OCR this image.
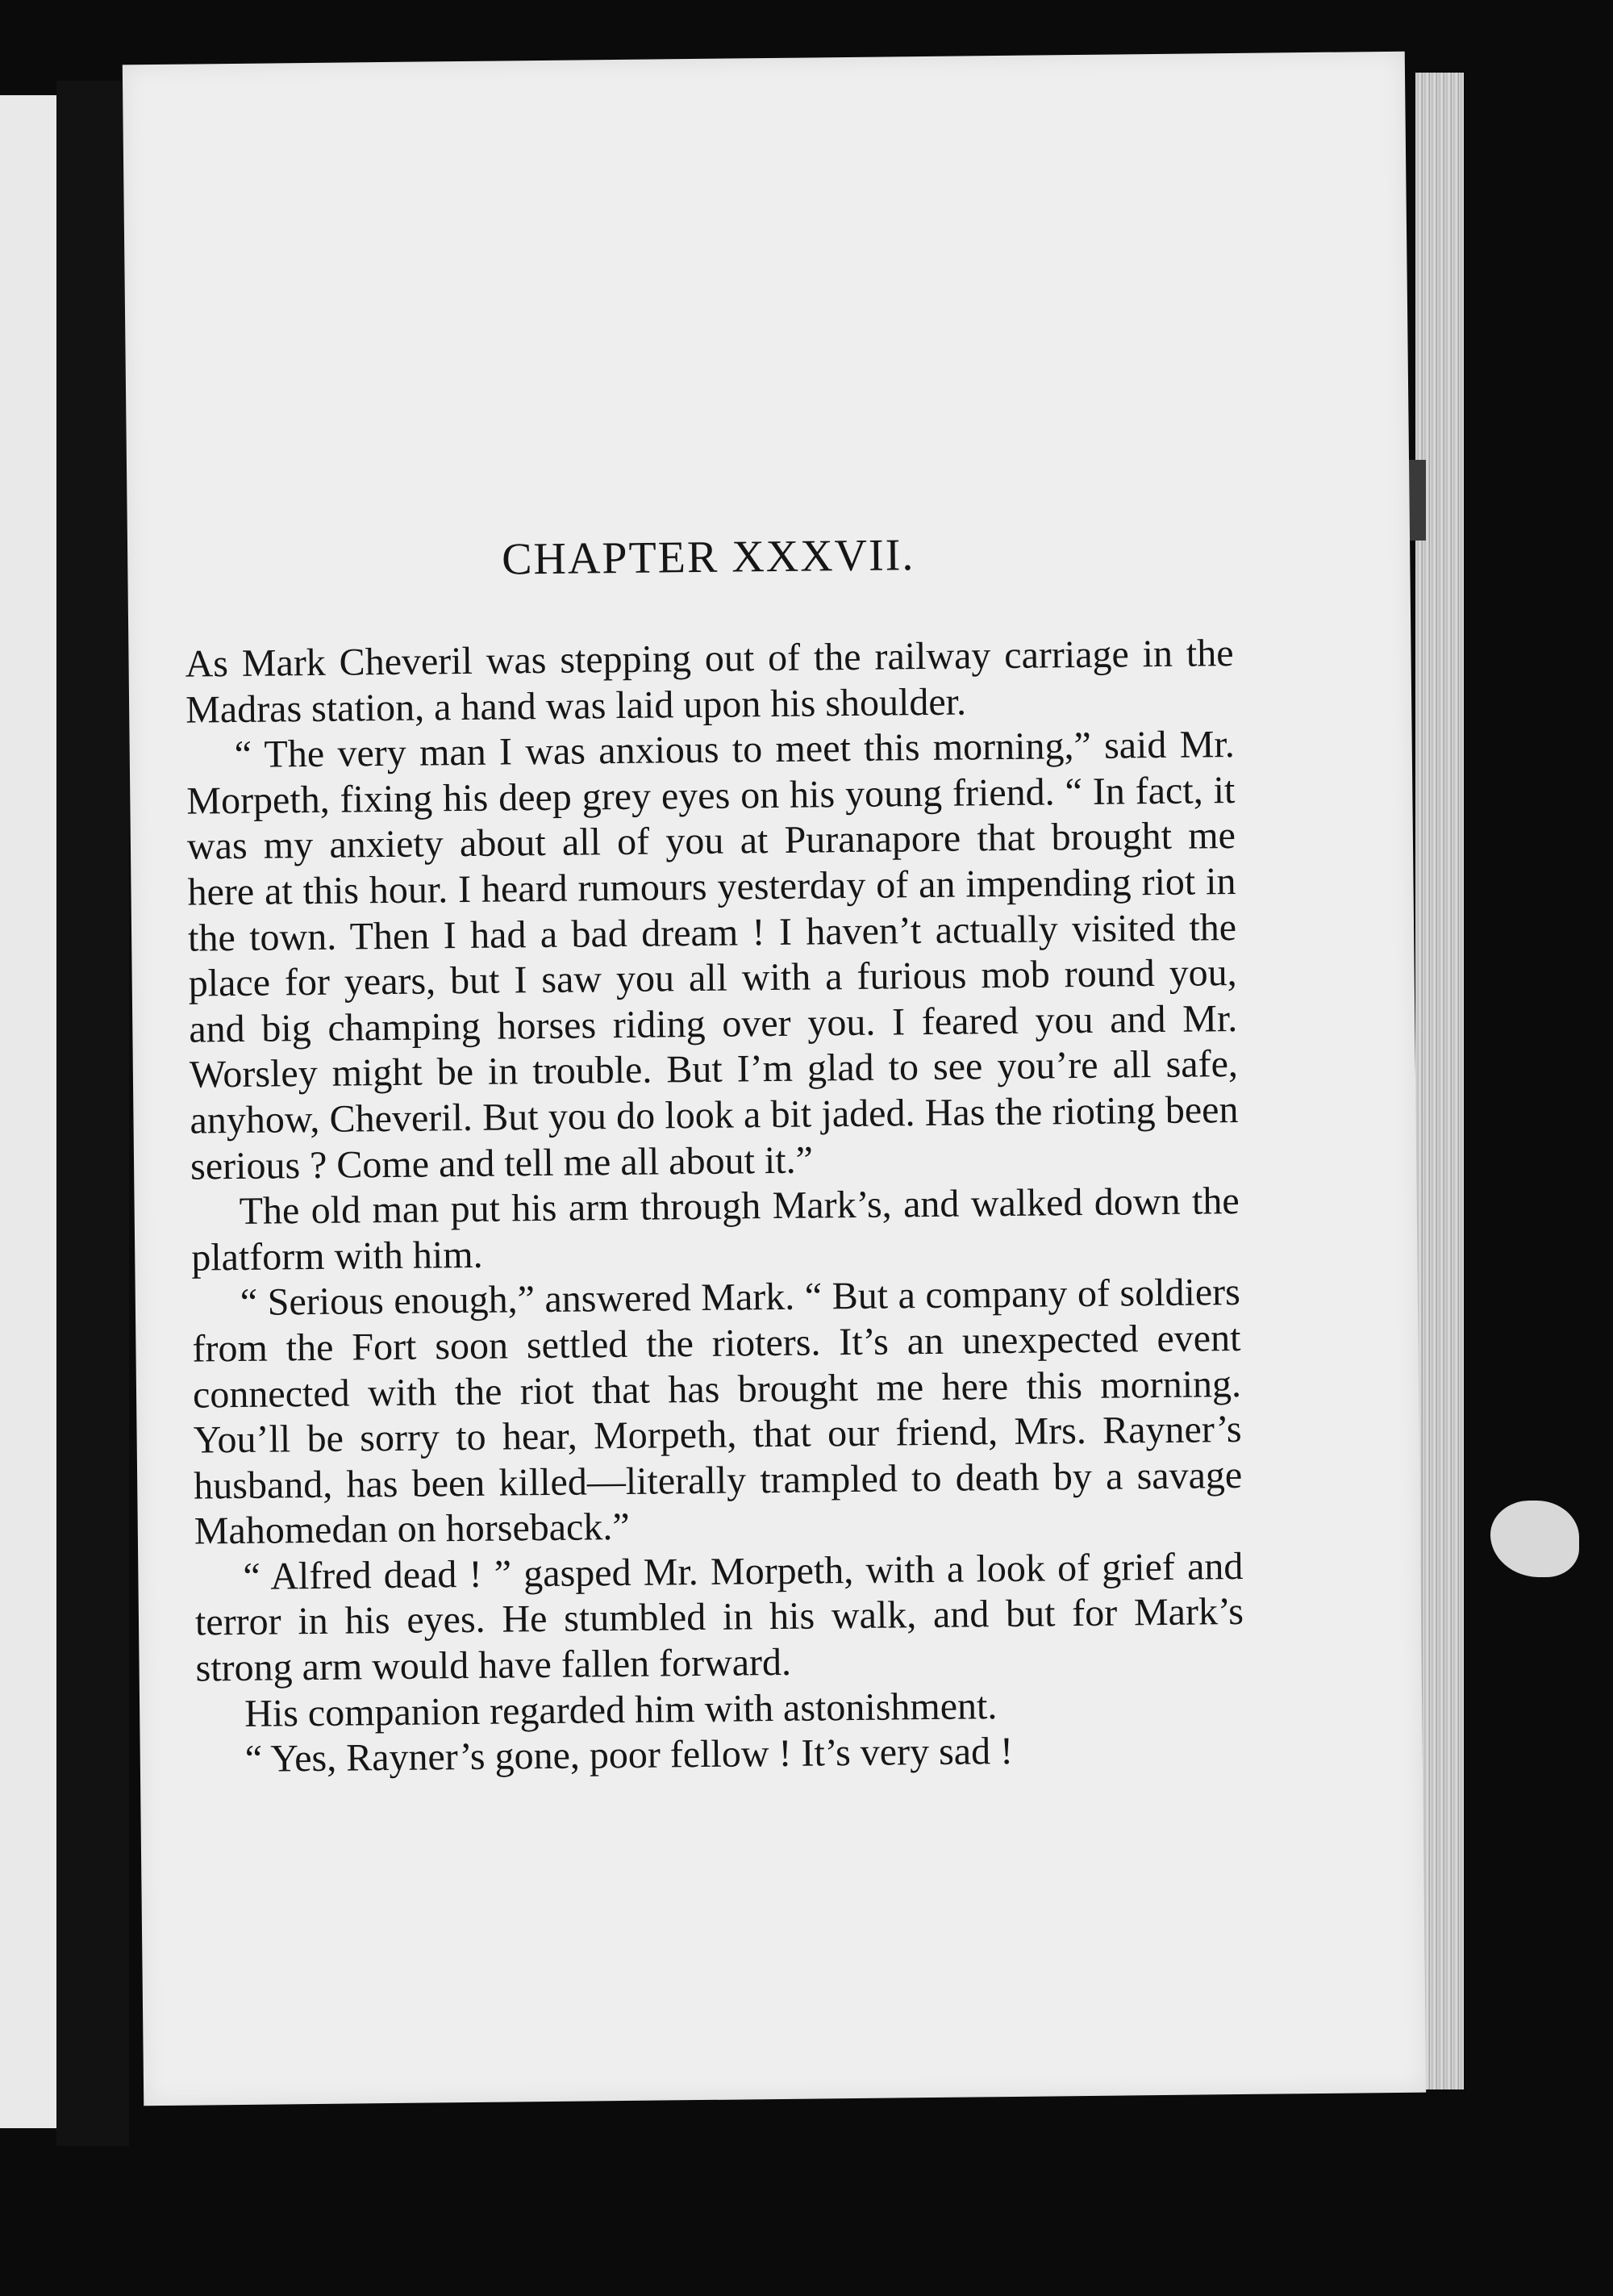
CHAPTER XXXVII.

As Mark Cheveril was stepping out of the railway carriage in the Madras station, a hand was laid upon his shoulder.

“ The very man I was anxious to meet this morning,” said Mr. Morpeth, fixing his deep grey eyes on his young friend. “ In fact, it was my anxiety about all of you at Puranapore that brought me here at this hour. I heard rumours yesterday of an impending riot in the town. Then I had a bad dream ! I haven’t actually visited the place for years, but I saw you all with a furious mob round you, and big champing horses riding over you. I feared you and Mr. Worsley might be in trouble. But I’m glad to see you’re all safe, anyhow, Cheveril. But you do look a bit jaded. Has the rioting been serious ? Come and tell me all about it.”

The old man put his arm through Mark’s, and walked down the platform with him.

“ Serious enough,” answered Mark. “ But a company of soldiers from the Fort soon settled the rioters. It’s an unexpected event connected with the riot that has brought me here this morning. You’ll be sorry to hear, Morpeth, that our friend, Mrs. Rayner’s husband, has been killed—literally trampled to death by a savage Mahomedan on horseback.”

“ Alfred dead ! ” gasped Mr. Morpeth, with a look of grief and terror in his eyes. He stumbled in his walk, and but for Mark’s strong arm would have fallen forward.

His companion regarded him with astonishment.

“ Yes, Rayner’s gone, poor fellow ! It’s very sad !
